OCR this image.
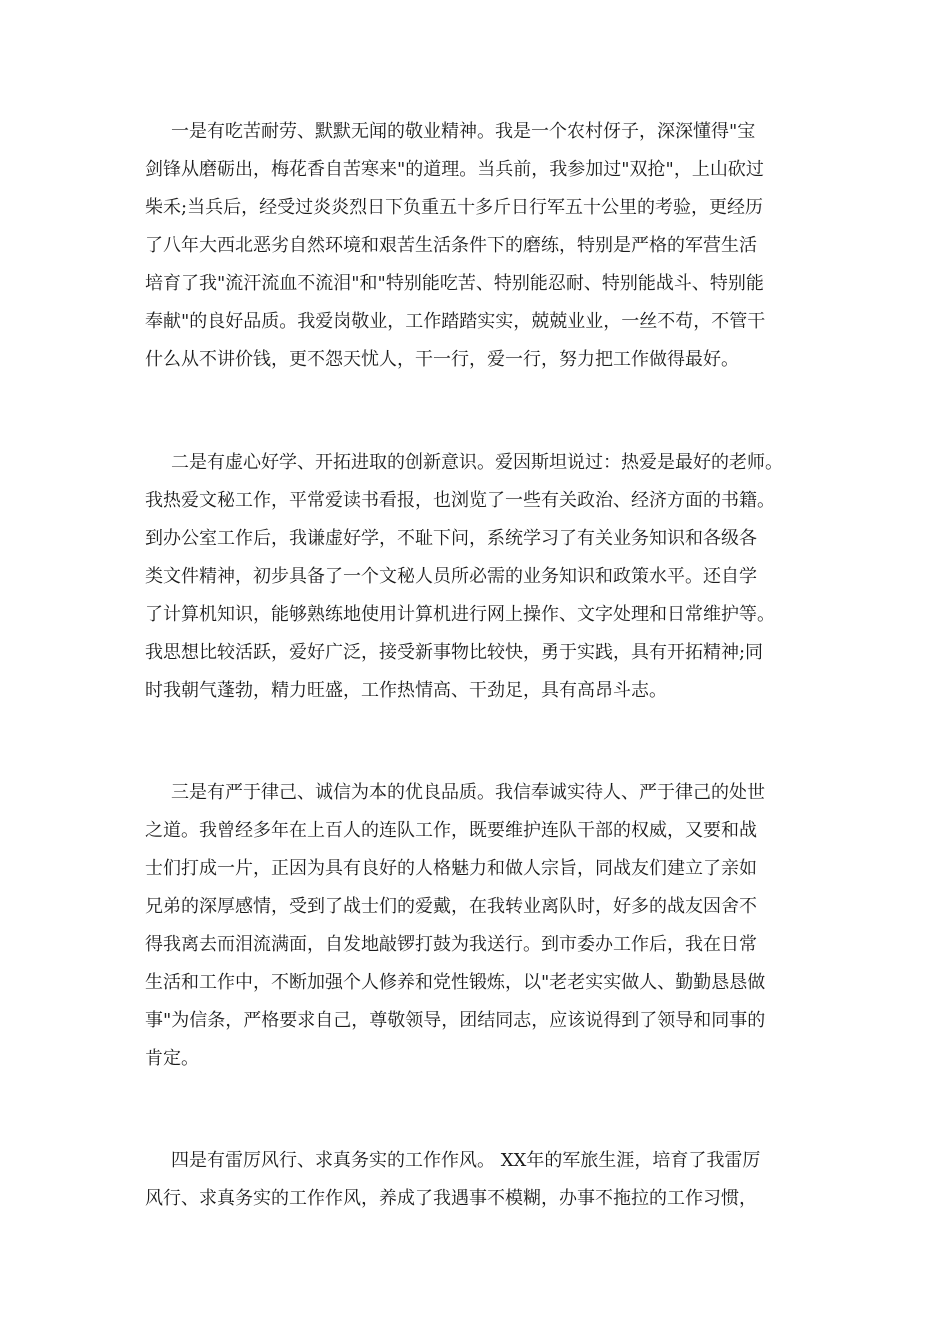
一是有吃苦耐劳、默默无闻的敬业精神。我是一个农村伢子，深深懂得"宝
剑锋从磨砺出，梅花香自苦寒来"的道理。当兵前，我参加过"双抢"，上山砍过
柴禾;当兵后，经受过炎炎烈日下负重五十多斤日行军五十公里的考验，更经历
了八年大西北恶劣自然环境和艰苦生活条件下的磨练，特别是严格的军营生活
培育了我"流汗流血不流泪"和"特别能吃苦、特别能忍耐、特别能战斗、特别能
奉献"的良好品质。我爱岗敬业，工作踏踏实实，兢兢业业，一丝不苟，不管干
什么从不讲价钱，更不怨天忧人，干一行，爱一行，努力把工作做得最好。
二是有虚心好学、开拓进取的创新意识。爱因斯坦说过：热爱是最好的老师。
我热爱文秘工作，平常爱读书看报，也浏览了一些有关政治、经济方面的书籍。
到办公室工作后，我谦虚好学，不耻下问，系统学习了有关业务知识和各级各
类文件精神，初步具备了一个文秘人员所必需的业务知识和政策水平。还自学
了计算机知识，能够熟练地使用计算机进行网上操作、文字处理和日常维护等。
我思想比较活跃，爱好广泛，接受新事物比较快，勇于实践，具有开拓精神;同
时我朝气蓬勃，精力旺盛，工作热情高、干劲足，具有高昂斗志。
三是有严于律己、诚信为本的优良品质。我信奉诚实待人、严于律己的处世
之道。我曾经多年在上百人的连队工作，既要维护连队干部的权威，又要和战
士们打成一片，正因为具有良好的人格魅力和做人宗旨，同战友们建立了亲如
兄弟的深厚感情，受到了战士们的爱戴，在我转业离队时，好多的战友因舍不
得我离去而泪流满面，自发地敲锣打鼓为我送行。到市委办工作后，我在日常
生活和工作中，不断加强个人修养和党性锻炼，以"老老实实做人、勤勤恳恳做
事"为信条，严格要求自己，尊敬领导，团结同志，应该说得到了领导和同事的
肯定。
四是有雷厉风行、求真务实的工作作风。 XX年的军旅生涯，培育了我雷厉
风行、求真务实的工作作风，养成了我遇事不模糊，办事不拖拉的工作习惯，
